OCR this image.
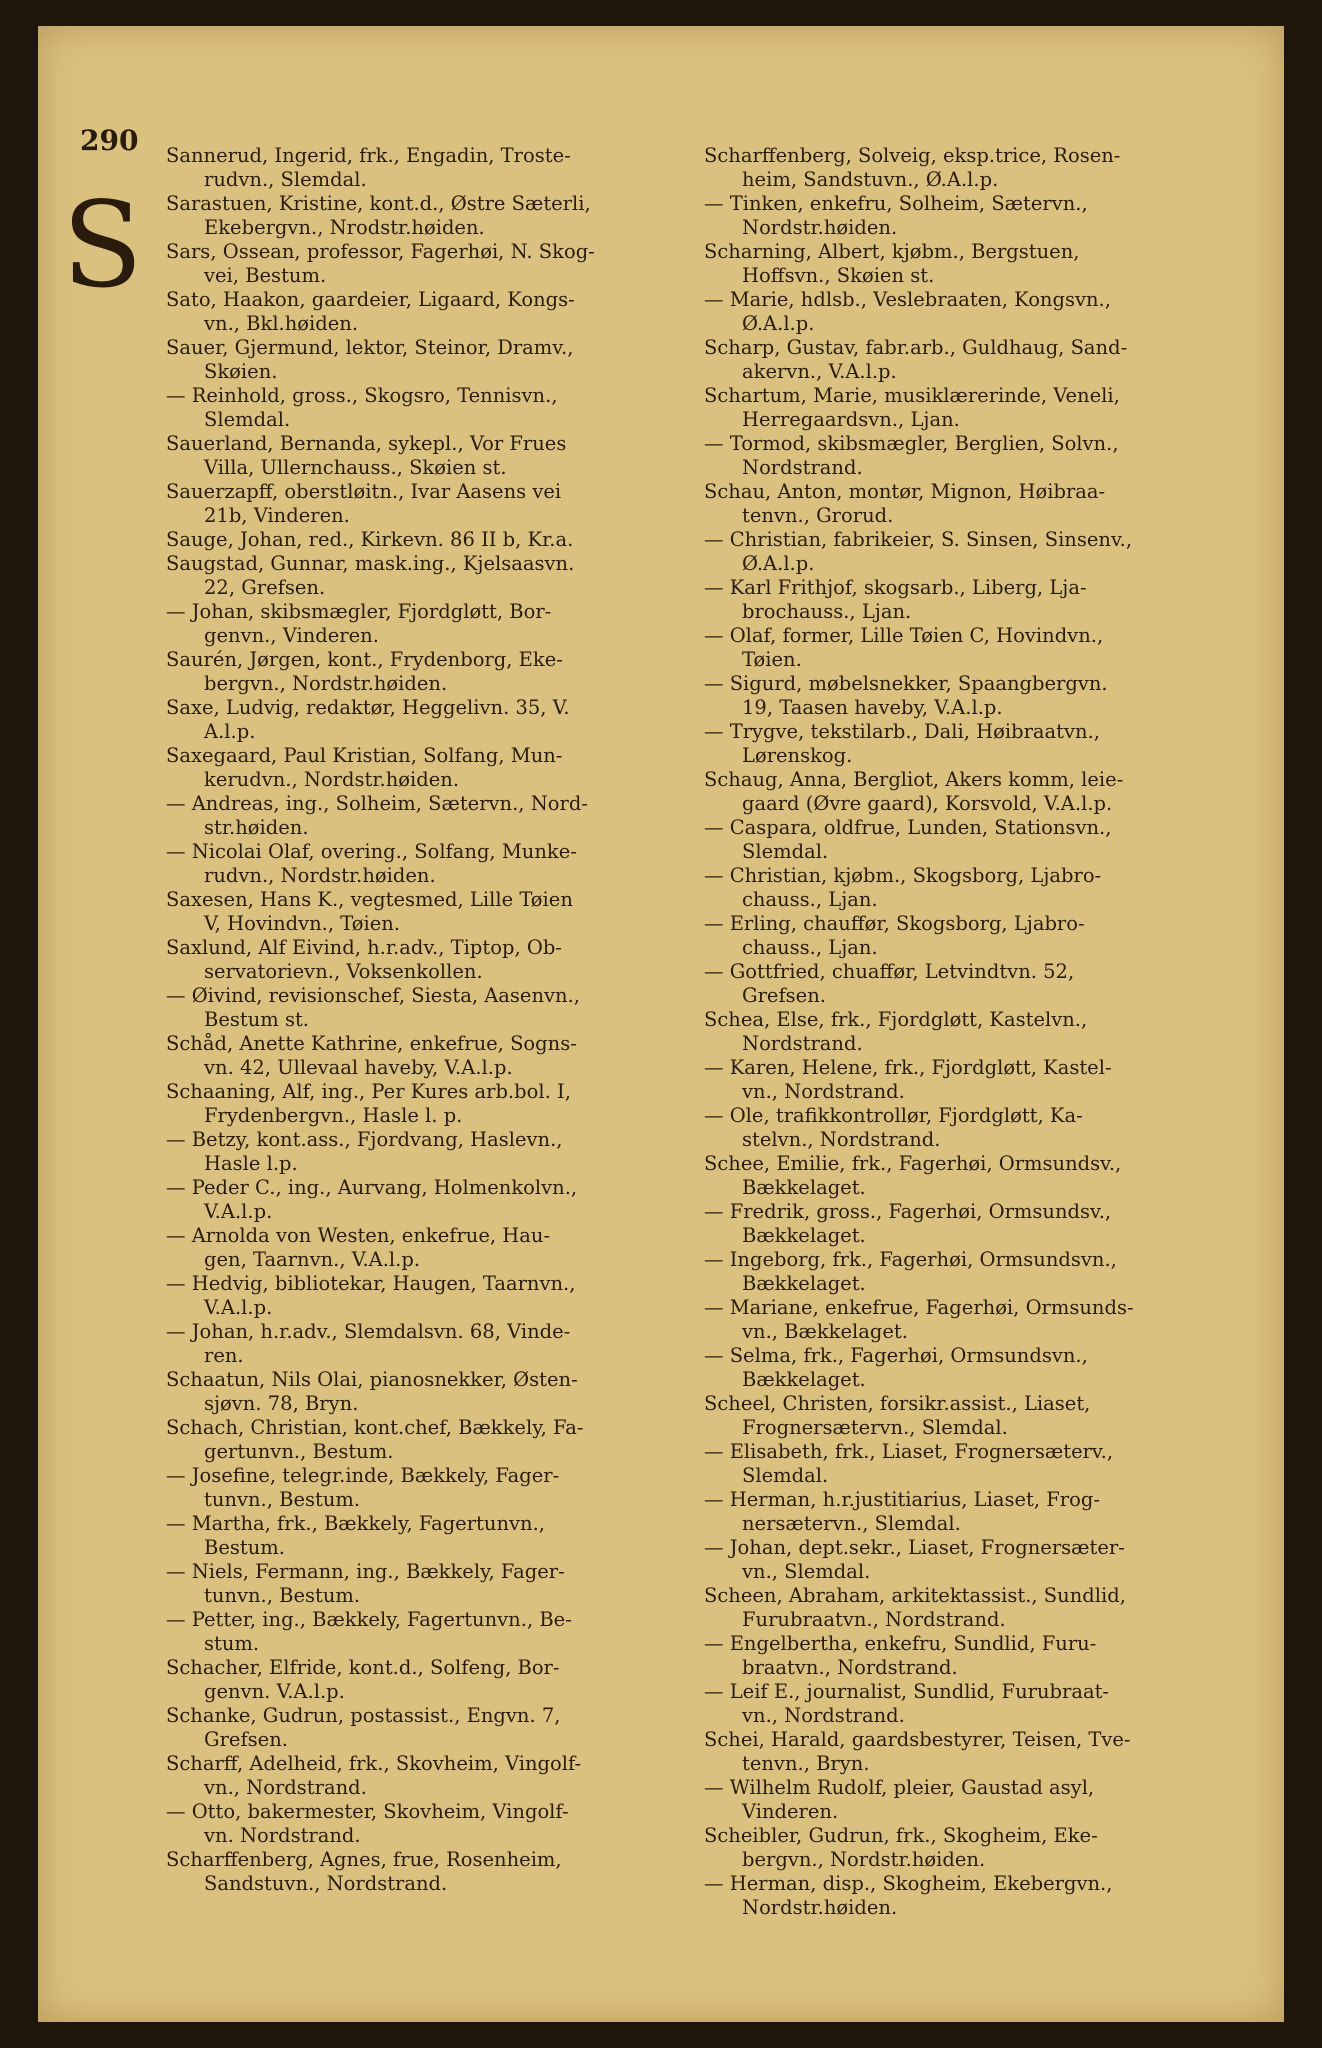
290
S

Sannerud, Ingerid, frk., Engadin, Troste-
rudvn., Slemdal.

Sarastuen, Kristine, kont.d., Østre Sæterli,
Ekebergvn., Nrodstr.høiden.

Sars, Ossean, professor, Fagerhøi, N. Skog-
vei, Bestum.

Sato, Haakon, gaardeier, Ligaard, Kongs-
vn., Bkl.høiden.

Sauer, Gjermund, lektor, Steinor, Dramv.,
Skøien.

— Reinhold, gross., Skogsro, Tennisvn.,
Slemdal.

Sauerland, Bernanda, sykepl., Vor Frues
Villa, Ullernchauss., Skøien st.

Sauerzapff, oberstløitn., Ivar Aasens vei
21b, Vinderen.

Sauge, Johan, red., Kirkevn. 86 II b, Kr.a.

Saugstad, Gunnar, mask.ing., Kjelsaasvn.
22, Grefsen.

— Johan, skibsmægler, Fjordgløtt, Bor-
genvn., Vinderen.

Saurén, Jørgen, kont., Frydenborg, Eke-
bergvn., Nordstr.høiden.

Saxe, Ludvig, redaktør, Heggelivn. 35, V.
A.l.p.

Saxegaard, Paul Kristian, Solfang, Mun-
kerudvn., Nordstr.høiden.

— Andreas, ing., Solheim, Sætervn., Nord-
str.høiden.

— Nicolai Olaf, overing., Solfang, Munke-
rudvn., Nordstr.høiden.

Saxesen, Hans K., vegtesmed, Lille Tøien
V, Hovindvn., Tøien.

Saxlund, Alf Eivind, h.r.adv., Tiptop, Ob-
servatorievn., Voksenkollen.

— Øivind, revisionschef, Siesta, Aasenvn.,
Bestum st.

Schåd, Anette Kathrine, enkefrue, Sogns-
vn. 42, Ullevaal haveby, V.A.l.p.

Schaaning, Alf, ing., Per Kures arb.bol. I,
Frydenbergvn., Hasle l. p.

— Betzy, kont.ass., Fjordvang, Haslevn.,
Hasle l.p.

— Peder C., ing., Aurvang, Holmenkolvn.,
V.A.l.p.

— Arnolda von Westen, enkefrue, Hau-
gen, Taarnvn., V.A.l.p.

— Hedvig, bibliotekar, Haugen, Taarnvn.,
V.A.l.p.

— Johan, h.r.adv., Slemdalsvn. 68, Vinde-
ren.

Schaatun, Nils Olai, pianosnekker, Østen-
sjøvn. 78, Bryn.

Schach, Christian, kont.chef, Bækkely, Fa-
gertunvn., Bestum.

— Josefine, telegr.inde, Bækkely, Fager-
tunvn., Bestum.

— Martha, frk., Bækkely, Fagertunvn.,
Bestum.

— Niels, Fermann, ing., Bækkely, Fager-
tunvn., Bestum.

— Petter, ing., Bækkely, Fagertunvn., Be-
stum.

Schacher, Elfride, kont.d., Solfeng, Bor-
genvn. V.A.l.p.

Schanke, Gudrun, postassist., Engvn. 7,
Grefsen.

Scharff, Adelheid, frk., Skovheim, Vingolf-
vn., Nordstrand.

— Otto, bakermester, Skovheim, Vingolf-
vn. Nordstrand.

Scharffenberg, Agnes, frue, Rosenheim,
Sandstuvn., Nordstrand.

Scharffenberg, Solveig, eksp.trice, Rosen-
heim, Sandstuvn., Ø.A.l.p.

— Tinken, enkefru, Solheim, Sætervn.,
Nordstr.høiden.

Scharning, Albert, kjøbm., Bergstuen,
Hoffsvn., Skøien st.

— Marie, hdlsb., Veslebraaten, Kongsvn.,
Ø.A.l.p.

Scharp, Gustav, fabr.arb., Guldhaug, Sand-
akervn., V.A.l.p.

Schartum, Marie, musiklærerinde, Veneli,
Herregaardsvn., Ljan.

— Tormod, skibsmægler, Berglien, Solvn.,
Nordstrand.

Schau, Anton, montør, Mignon, Høibraa-
tenvn., Grorud.

— Christian, fabrikeier, S. Sinsen, Sinsenv.,
Ø.A.l.p.

— Karl Frithjof, skogsarb., Liberg, Lja-
brochauss., Ljan.

— Olaf, former, Lille Tøien C, Hovindvn.,
Tøien.

— Sigurd, møbelsnekker, Spaangbergvn.
19, Taasen haveby, V.A.l.p.

— Trygve, tekstilarb., Dali, Høibraatvn.,
Lørenskog.

Schaug, Anna, Bergliot, Akers komm, leie-
gaard (Øvre gaard), Korsvold, V.A.l.p.

— Caspara, oldfrue, Lunden, Stationsvn.,
Slemdal.

— Christian, kjøbm., Skogsborg, Ljabro-
chauss., Ljan.

— Erling, chauffør, Skogsborg, Ljabro-
chauss., Ljan.

— Gottfried, chuaffør, Letvindtvn. 52,
Grefsen.

Schea, Else, frk., Fjordgløtt, Kastelvn.,
Nordstrand.

— Karen, Helene, frk., Fjordgløtt, Kastel-
vn., Nordstrand.

— Ole, trafikkontrollør, Fjordgløtt, Ka-
stelvn., Nordstrand.

Schee, Emilie, frk., Fagerhøi, Ormsundsv.,
Bækkelaget.

— Fredrik, gross., Fagerhøi, Ormsundsv.,
Bækkelaget.

— Ingeborg, frk., Fagerhøi, Ormsundsvn.,
Bækkelaget.

— Mariane, enkefrue, Fagerhøi, Ormsunds-
vn., Bækkelaget.

— Selma, frk., Fagerhøi, Ormsundsvn.,
Bækkelaget.

Scheel, Christen, forsikr.assist., Liaset,
Frognersætervn., Slemdal.

— Elisabeth, frk., Liaset, Frognersæterv.,
Slemdal.

— Herman, h.r.justitiarius, Liaset, Frog-
nersætervn., Slemdal.

— Johan, dept.sekr., Liaset, Frognersæter-
vn., Slemdal.

Scheen, Abraham, arkitektassist., Sundlid,
Furubraatvn., Nordstrand.

— Engelbertha, enkefru, Sundlid, Furu-
braatvn., Nordstrand.

— Leif E., journalist, Sundlid, Furubraat-
vn., Nordstrand.

Schei, Harald, gaardsbestyrer, Teisen, Tve-
tenvn., Bryn.

— Wilhelm Rudolf, pleier, Gaustad asyl,
Vinderen.

Scheibler, Gudrun, frk., Skogheim, Eke-
bergvn., Nordstr.høiden.

— Herman, disp., Skogheim, Ekebergvn.,
Nordstr.høiden.
